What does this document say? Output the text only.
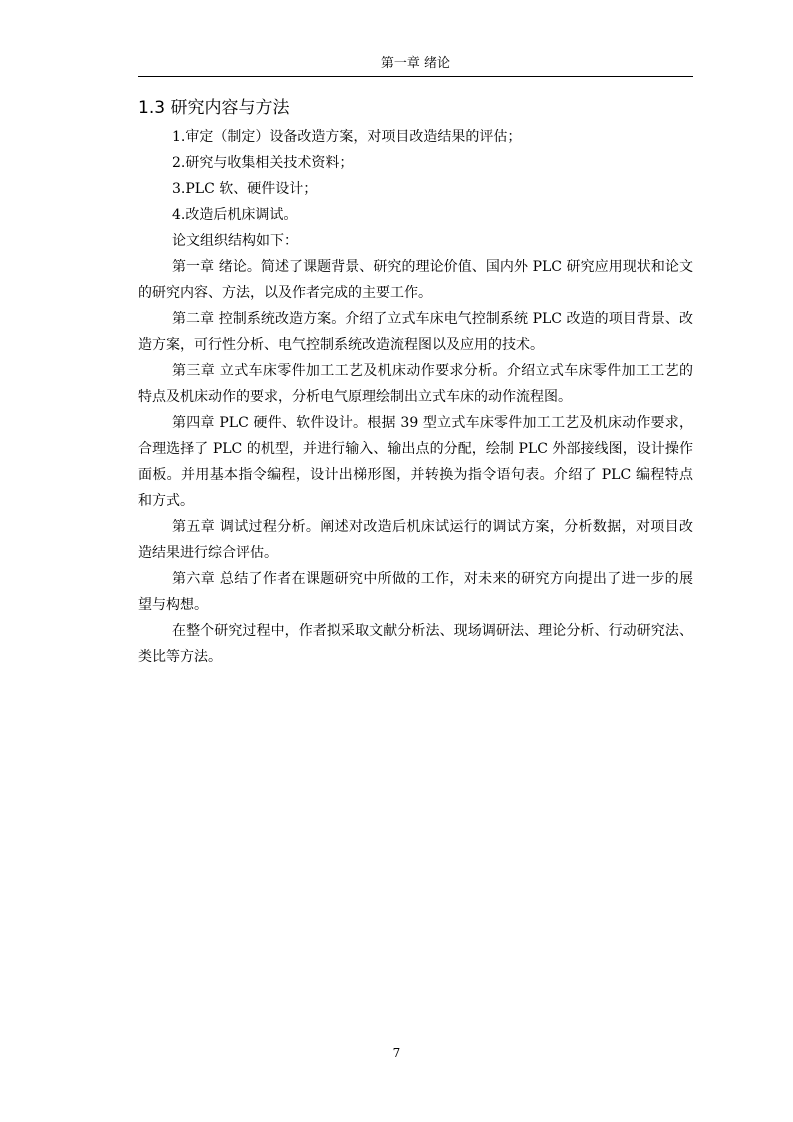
第一章 绪论
1.3 研究内容与方法

1.审定（制定）设备改造方案，对项目改造结果的评估；

2.研究与收集相关技术资料；

3.PLC 软、硬件设计；

4.改造后机床调试。

论文组织结构如下：

第一章 绪论。简述了课题背景、研究的理论价值、国内外 PLC 研究应用现状和论文的研究内容、方法，以及作者完成的主要工作。

第二章 控制系统改造方案。介绍了立式车床电气控制系统 PLC 改造的项目背景、改造方案，可行性分析、电气控制系统改造流程图以及应用的技术。

第三章 立式车床零件加工工艺及机床动作要求分析。介绍立式车床零件加工工艺的特点及机床动作的要求，分析电气原理绘制出立式车床的动作流程图。

第四章 PLC 硬件、软件设计。根据 39 型立式车床零件加工工艺及机床动作要求，合理选择了 PLC 的机型，并进行输入、输出点的分配，绘制 PLC 外部接线图，设计操作面板。并用基本指令编程，设计出梯形图，并转换为指令语句表。介绍了 PLC 编程特点和方式。

第五章 调试过程分析。阐述对改造后机床试运行的调试方案，分析数据，对项目改造结果进行综合评估。

第六章 总结了作者在课题研究中所做的工作，对未来的研究方向提出了进一步的展望与构想。

在整个研究过程中，作者拟采取文献分析法、现场调研法、理论分析、行动研究法、类比等方法。

7
